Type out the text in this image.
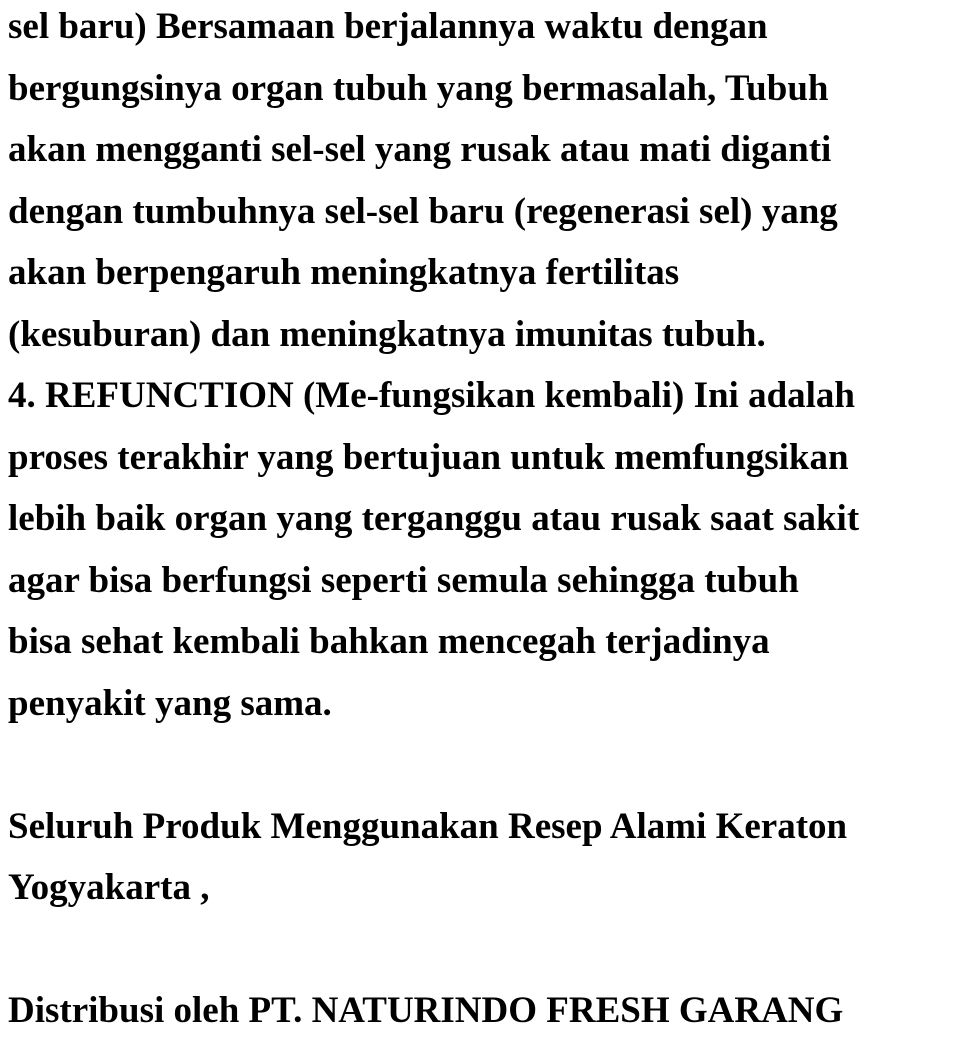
sel baru) Bersamaan berjalannya waktu dengan
bergungsinya organ tubuh yang bermasalah, Tubuh
akan mengganti sel-sel yang rusak atau mati diganti
dengan tumbuhnya sel-sel baru (regenerasi sel) yang
akan berpengaruh meningkatnya fertilitas
(kesuburan) dan meningkatnya imunitas tubuh.
4. REFUNCTION (Me-fungsikan kembali) Ini adalah
proses terakhir yang bertujuan untuk memfungsikan
lebih baik organ yang terganggu atau rusak saat sakit
agar bisa berfungsi seperti semula sehingga tubuh
bisa sehat kembali bahkan mencegah terjadinya
penyakit yang sama.
Seluruh Produk Menggunakan Resep Alami Keraton
Yogyakarta ,
Distribusi oleh PT. NATURINDO FRESH GARANG
